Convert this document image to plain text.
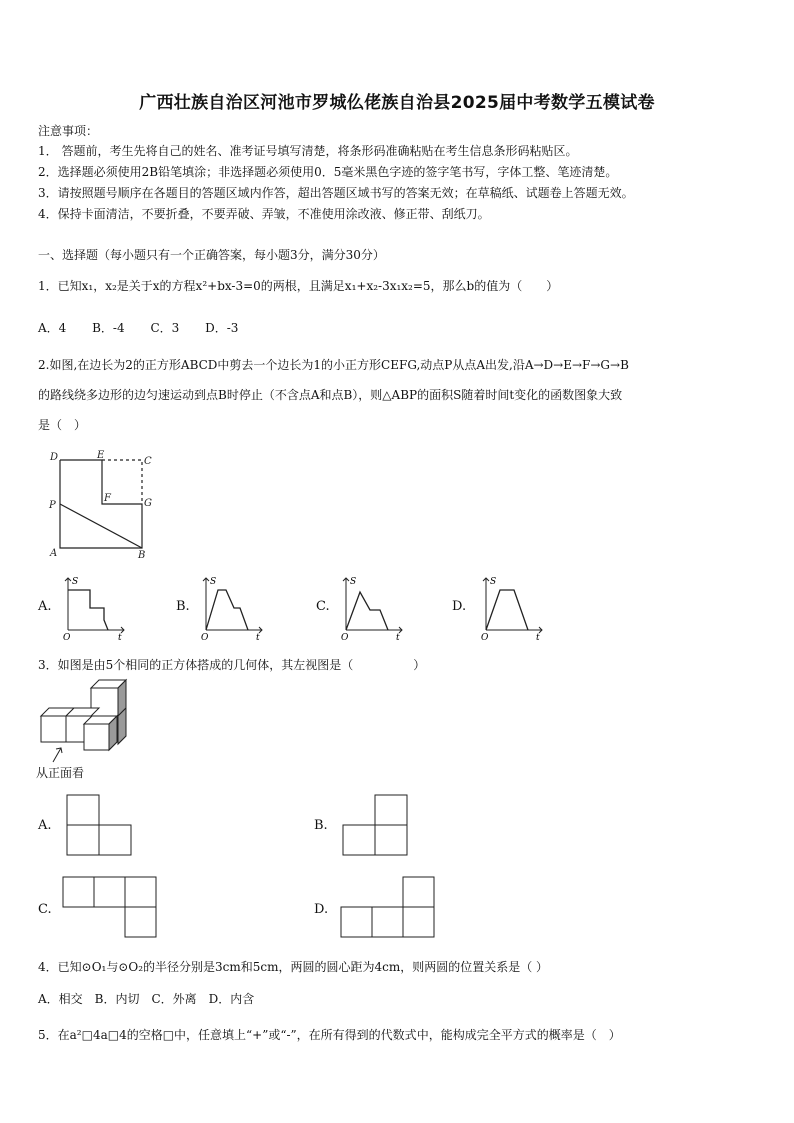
广西壮族自治区河池市罗城仫佬族自治县2025届中考数学五模试卷
注意事项：
1． 答题前，考生先将自己的姓名、准考证号填写清楚，将条形码准确粘贴在考生信息条形码粘贴区。
2．选择题必须使用2B铅笔填涂；非选择题必须使用0．5毫米黑色字迹的签字笔书写，字体工整、笔迹清楚。
3．请按照题号顺序在各题目的答题区域内作答，超出答题区域书写的答案无效；在草稿纸、试题卷上答题无效。
4．保持卡面清洁，不要折叠，不要弄破、弄皱，不准使用涂改液、修正带、刮纸刀。
一、选择题（每小题只有一个正确答案，每小题3分，满分30分）
1．已知x₁，x₂是关于x的方程x²+bx-3=0的两根，且满足x₁+x₂-3x₁x₂=5，那么b的值为（　　）
A．4　 B．-4　 C．3　 D．-3
2.如图,在边长为2的正方形ABCD中剪去一个边长为1的小正方形CEFG,动点P从点A出发,沿A→D→E→F→G→B
的路线绕多边形的边匀速运动到点B时停止（不含点A和点B），则△ABP的面积S随着时间t变化的函数图象大致
是（　）
D	E
C
P
F	G
A	B
A.
S
O	t
B.
S
O	t
C.
S
O	t
D.
S
O	t
3．如图是由5个相同的正方体搭成的几何体，其左视图是（　　　　　）
从正面看
A.	B.
C.	D.
4．已知⊙O₁与⊙O₂的半径分别是3cm和5cm，两圆的圆心距为4cm，则两圆的位置关系是（ ）
A．相交　B．内切　C．外离　D．内含
5．在a²□4a□4的空格□中，任意填上“+”或“-”，在所有得到的代数式中，能构成完全平方式的概率是（　）
